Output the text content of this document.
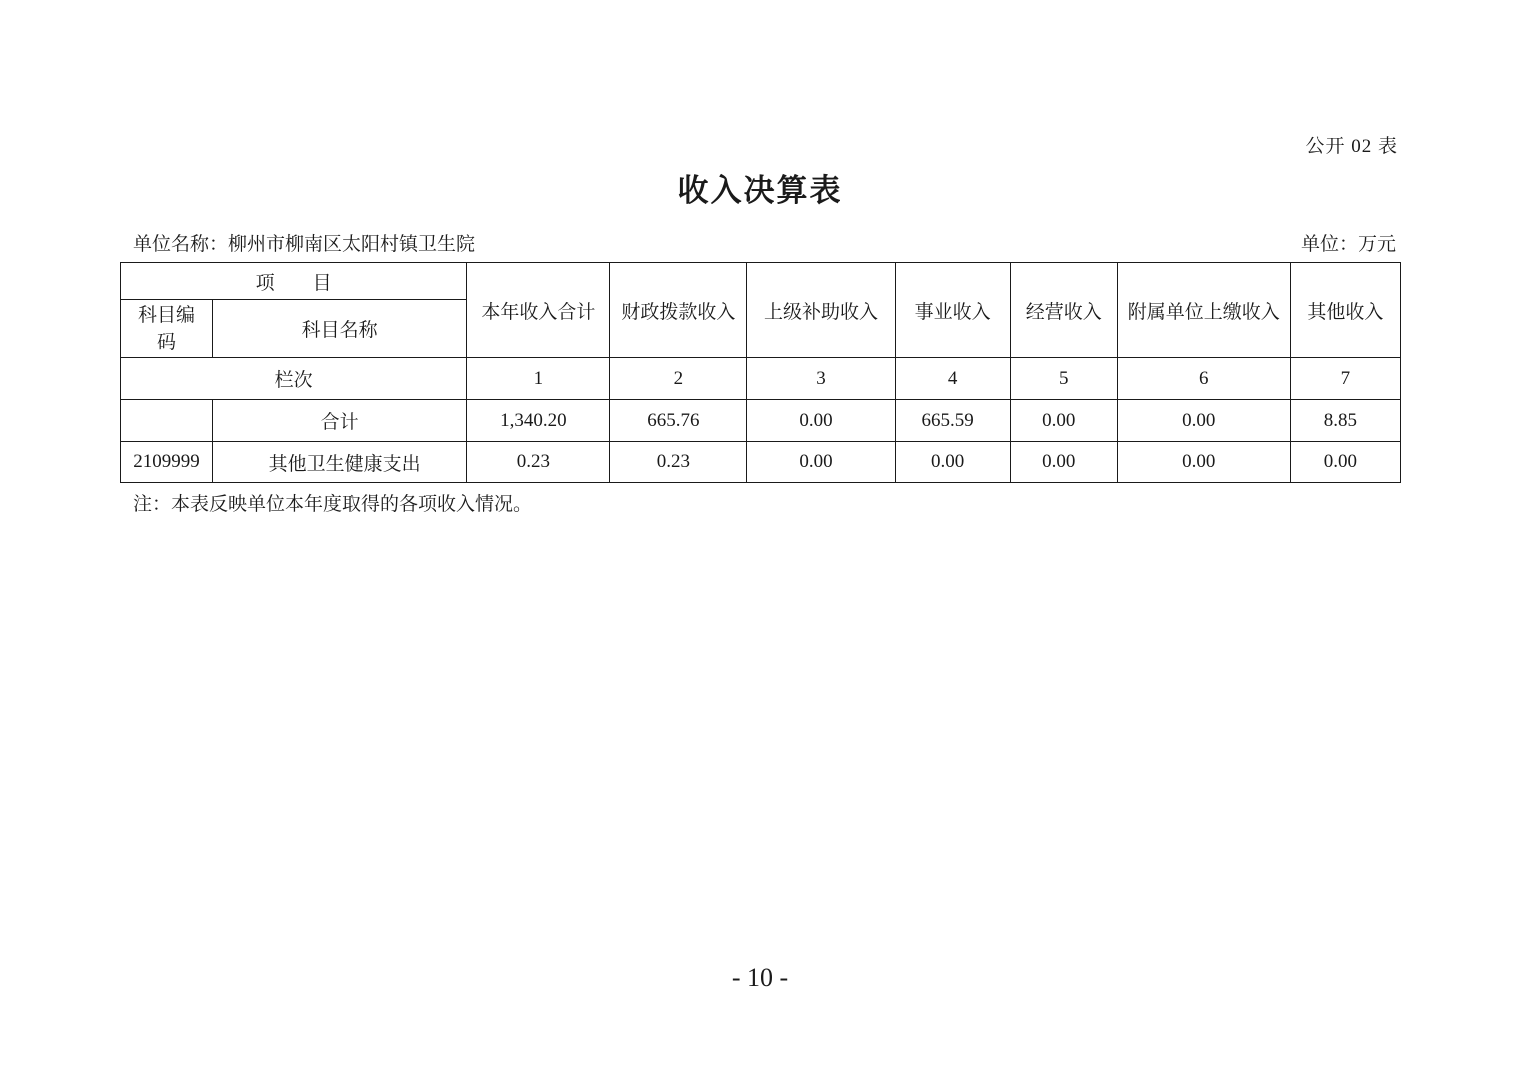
公开 02 表
收入决算表
单位名称：柳州市柳南区太阳村镇卫生院	单位：万元
项　　目		本年收入合计	财政拨款收入	上级补助收入	事业收入	经营收入	附属单位上缴收入	其他收入
科目编码	科目名称							
栏次		1	2	3	4	5	6	7
	合计	1,340.20	665.76	0.00	665.59	0.00	0.00	8.85
2109999	其他卫生健康支出	0.23	0.23	0.00	0.00	0.00	0.00	0.00
注：本表反映单位本年度取得的各项收入情况。
- 10 -
